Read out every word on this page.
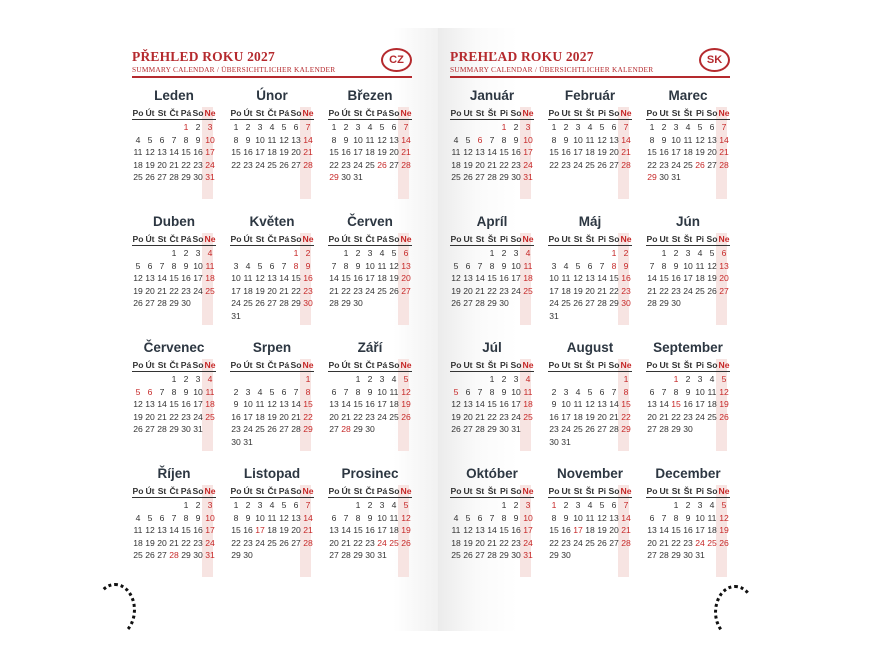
PŘEHLED ROKU 2027
SUMMARY CALENDAR / ÜBERSICHTLICHER KALENDER
CZ
Leden
Po Út St Čt Pá So Ne
1 2 3
4 5 6 7 8 9 10
11 12 13 14 15 16 17
18 19 20 21 22 23 24
25 26 27 28 29 30 31
Únor
Po Út St Čt Pá So Ne
1 2 3 4 5 6 7
8 9 10 11 12 13 14
15 16 17 18 19 20 21
22 23 24 25 26 27 28
Březen
Po Út St Čt Pá So Ne
1 2 3 4 5 6 7
8 9 10 11 12 13 14
15 16 17 18 19 20 21
22 23 24 25 26 27 28
29 30 31
Duben
Po Út St Čt Pá So Ne
1 2 3 4
5 6 7 8 9 10 11
12 13 14 15 16 17 18
19 20 21 22 23 24 25
26 27 28 29 30
Květen
Po Út St Čt Pá So Ne
1 2
3 4 5 6 7 8 9
10 11 12 13 14 15 16
17 18 19 20 21 22 23
24 25 26 27 28 29 30
31
Červen
Po Út St Čt Pá So Ne
1 2 3 4 5 6
7 8 9 10 11 12 13
14 15 16 17 18 19 20
21 22 23 24 25 26 27
28 29 30
Červenec
Po Út St Čt Pá So Ne
1 2 3 4
5 6 7 8 9 10 11
12 13 14 15 16 17 18
19 20 21 22 23 24 25
26 27 28 29 30 31
Srpen
Po Út St Čt Pá So Ne
1
2 3 4 5 6 7 8
9 10 11 12 13 14 15
16 17 18 19 20 21 22
23 24 25 26 27 28 29
30 31
Září
Po Út St Čt Pá So Ne
1 2 3 4 5
6 7 8 9 10 11 12
13 14 15 16 17 18 19
20 21 22 23 24 25 26
27 28 29 30
Říjen
Po Út St Čt Pá So Ne
1 2 3
4 5 6 7 8 9 10
11 12 13 14 15 16 17
18 19 20 21 22 23 24
25 26 27 28 29 30 31
Listopad
Po Út St Čt Pá So Ne
1 2 3 4 5 6 7
8 9 10 11 12 13 14
15 16 17 18 19 20 21
22 23 24 25 26 27 28
29 30
Prosinec
Po Út St Čt Pá So Ne
1 2 3 4 5
6 7 8 9 10 11 12
13 14 15 16 17 18 19
20 21 22 23 24 25 26
27 28 29 30 31
PREHĽAD ROKU 2027
SUMMARY CALENDAR / ÜBERSICHTLICHER KALENDER
SK
Január
Po Ut St Št Pi So Ne
1 2 3
4 5 6 7 8 9 10
11 12 13 14 15 16 17
18 19 20 21 22 23 24
25 26 27 28 29 30 31
Február
Po Ut St Št Pi So Ne
1 2 3 4 5 6 7
8 9 10 11 12 13 14
15 16 17 18 19 20 21
22 23 24 25 26 27 28
Marec
Po Ut St Št Pi So Ne
1 2 3 4 5 6 7
8 9 10 11 12 13 14
15 16 17 18 19 20 21
22 23 24 25 26 27 28
29 30 31
Apríl
Po Ut St Št Pi So Ne
1 2 3 4
5 6 7 8 9 10 11
12 13 14 15 16 17 18
19 20 21 22 23 24 25
26 27 28 29 30
Máj
Po Ut St Št Pi So Ne
1 2
3 4 5 6 7 8 9
10 11 12 13 14 15 16
17 18 19 20 21 22 23
24 25 26 27 28 29 30
31
Jún
Po Ut St Št Pi So Ne
1 2 3 4 5 6
7 8 9 10 11 12 13
14 15 16 17 18 19 20
21 22 23 24 25 26 27
28 29 30
Júl
Po Ut St Št Pi So Ne
1 2 3 4
5 6 7 8 9 10 11
12 13 14 15 16 17 18
19 20 21 22 23 24 25
26 27 28 29 30 31
August
Po Ut St Št Pi So Ne
1
2 3 4 5 6 7 8
9 10 11 12 13 14 15
16 17 18 19 20 21 22
23 24 25 26 27 28 29
30 31
September
Po Ut St Št Pi So Ne
1 2 3 4 5
6 7 8 9 10 11 12
13 14 15 16 17 18 19
20 21 22 23 24 25 26
27 28 29 30
Október
Po Ut St Št Pi So Ne
1 2 3
4 5 6 7 8 9 10
11 12 13 14 15 16 17
18 19 20 21 22 23 24
25 26 27 28 29 30 31
November
Po Ut St Št Pi So Ne
1 2 3 4 5 6 7
8 9 10 11 12 13 14
15 16 17 18 19 20 21
22 23 24 25 26 27 28
29 30
December
Po Ut St Št Pi So Ne
1 2 3 4 5
6 7 8 9 10 11 12
13 14 15 16 17 18 19
20 21 22 23 24 25 26
27 28 29 30 31
